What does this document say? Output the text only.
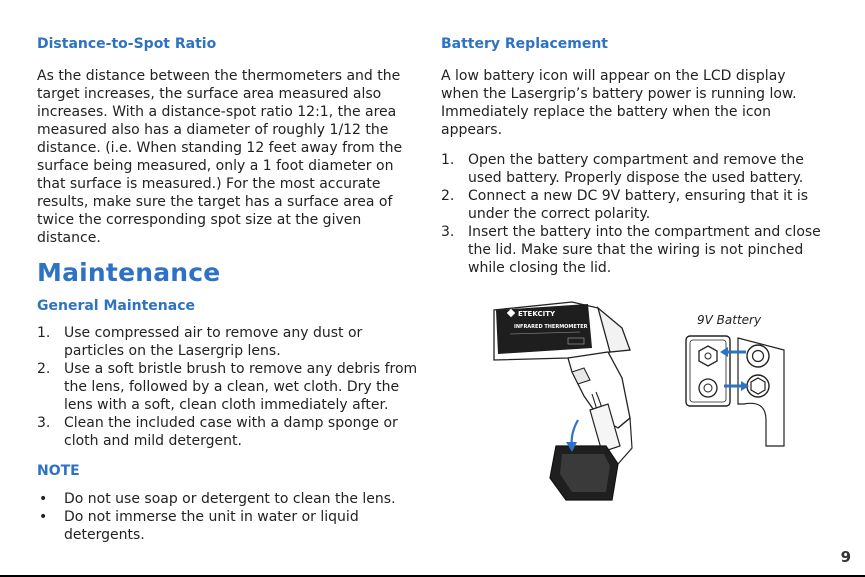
Distance-to-Spot Ratio

As the distance between the thermometers and the target increases, the surface area measured also increases. With a distance-spot ratio 12:1, the area measured also has a diameter of roughly 1/12 the distance. (i.e. When standing 12 feet away from the surface being measured, only a 1 foot diameter on that surface is measured.) For the most accurate results, make sure the target has a surface area of twice the corresponding spot size at the given distance.

Maintenance
General Maintenace
1. Use compressed air to remove any dust or particles on the Lasergrip lens.
2. Use a soft bristle brush to remove any debris from the lens, followed by a clean, wet cloth. Dry the lens with a soft, clean cloth immediately after.
3. Clean the included case with a damp sponge or cloth and mild detergent.
NOTE
• Do not use soap or detergent to clean the lens.
• Do not immerse the unit in water or liquid detergents.
Battery Replacement

A low battery icon will appear on the LCD display when the Lasergrip’s battery power is running low. Immediately replace the battery when the icon appears.

1. Open the battery compartment and remove the used battery. Properly dispose the used battery.
2. Connect a new DC 9V battery, ensuring that it is under the correct polarity.
3. Insert the battery into the compartment and close the lid. Make sure that the wiring is not pinched while closing the lid.
ETEKCITY
INFRARED THERMOMETER	9V Battery
9
